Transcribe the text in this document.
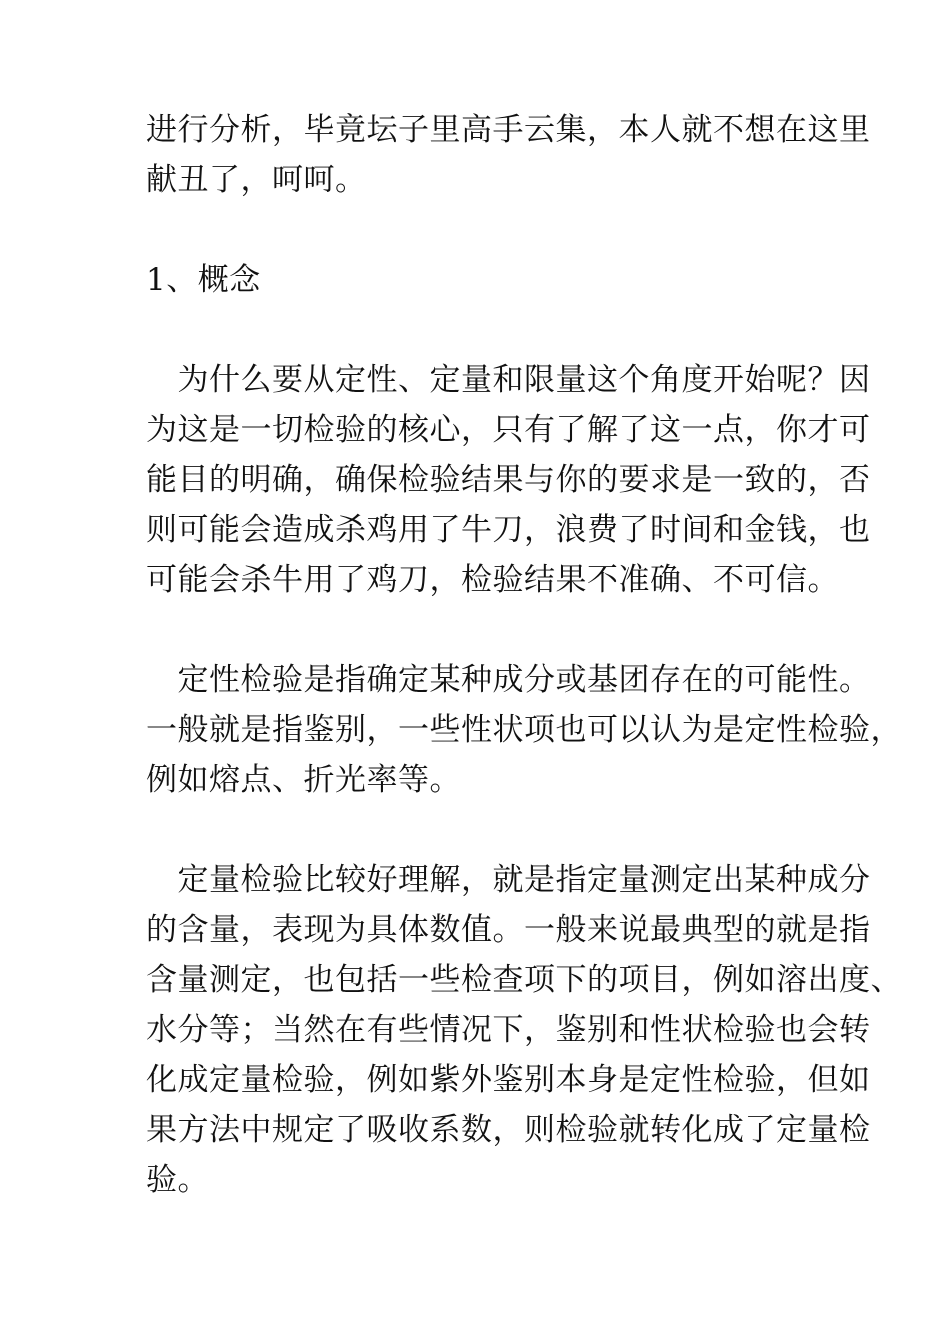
进行分析，毕竟坛子里高手云集，本人就不想在这里
献丑了，呵呵。
1、概念
　为什么要从定性、定量和限量这个角度开始呢？因
为这是一切检验的核心，只有了解了这一点，你才可
能目的明确，确保检验结果与你的要求是一致的，否
则可能会造成杀鸡用了牛刀，浪费了时间和金钱，也
可能会杀牛用了鸡刀，检验结果不准确、不可信。
　定性检验是指确定某种成分或基团存在的可能性。
一般就是指鉴别，一些性状项也可以认为是定性检验，
例如熔点、折光率等。
　定量检验比较好理解，就是指定量测定出某种成分
的含量，表现为具体数值。一般来说最典型的就是指
含量测定，也包括一些检查项下的项目，例如溶出度、
水分等；当然在有些情况下，鉴别和性状检验也会转
化成定量检验，例如紫外鉴别本身是定性检验，但如
果方法中规定了吸收系数，则检验就转化成了定量检
验。
